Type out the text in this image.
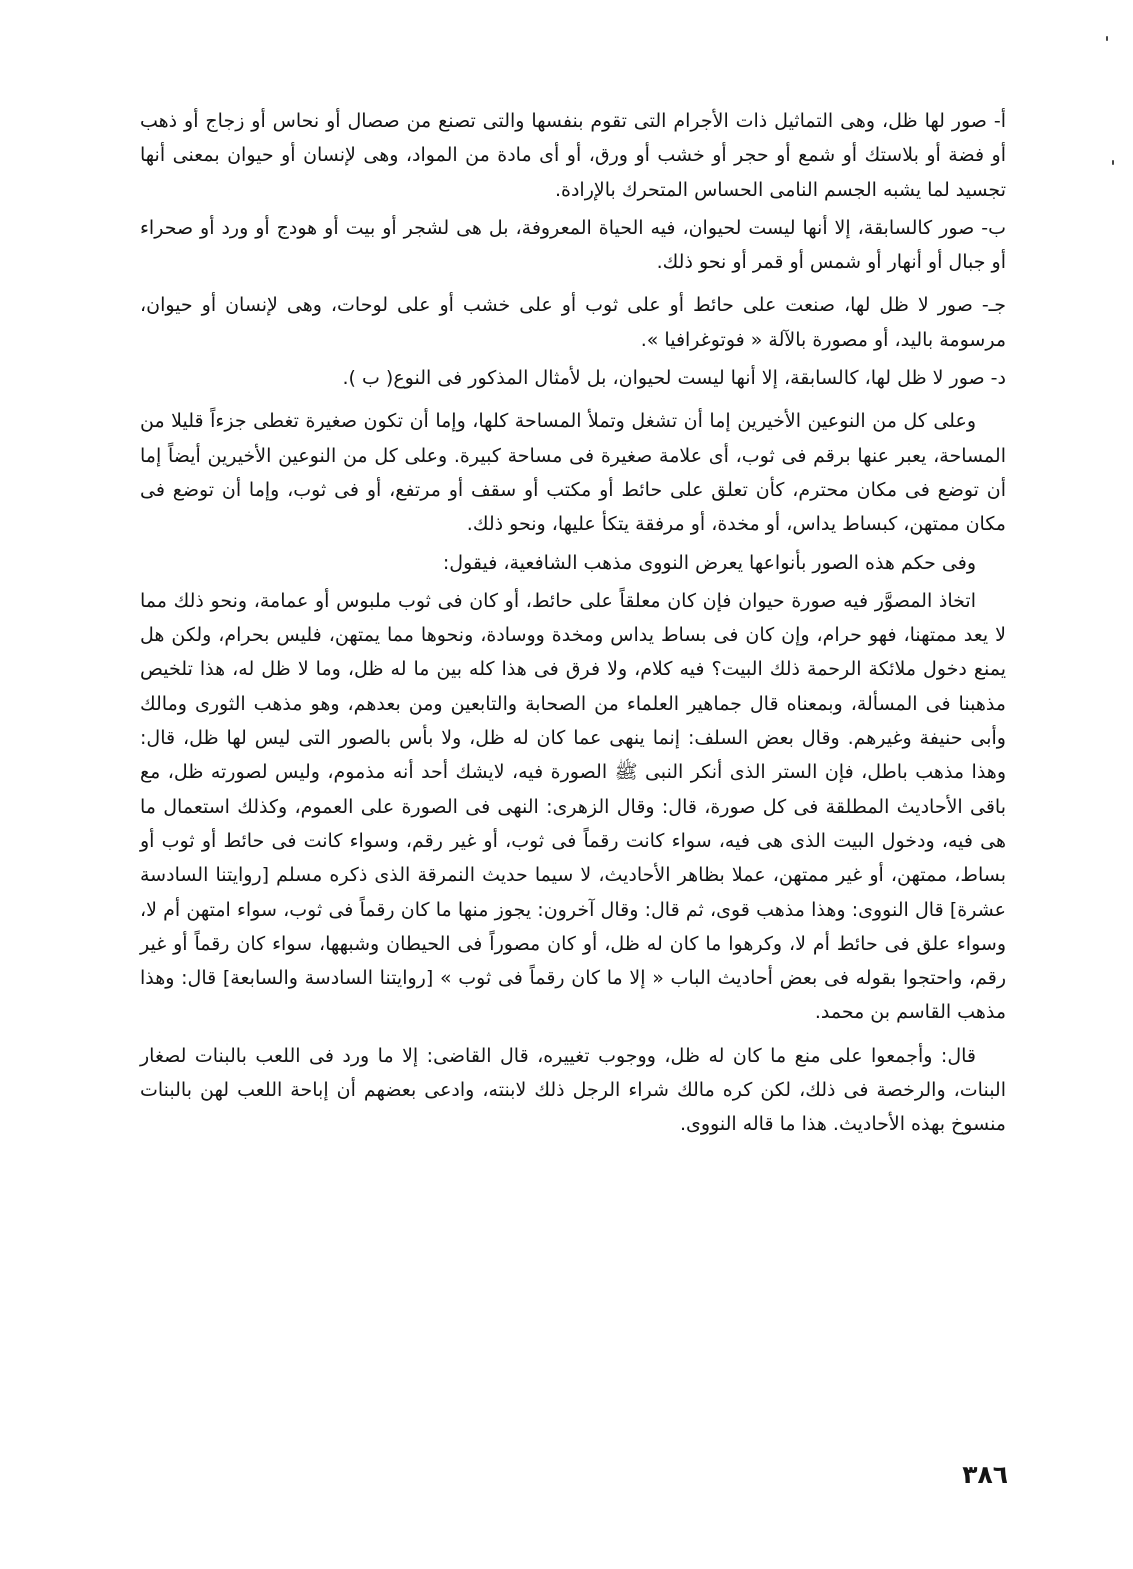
أ- صور لها ظل، وهى التماثيل ذات الأجرام التى تقوم بنفسها والتى تصنع من صصال أو نحاس أو زجاج أو ذهب أو فضة أو بلاستك أو شمع أو حجر أو خشب أو ورق، أو أى مادة من المواد، وهى لإنسان أو حيوان بمعنى أنها تجسيد لما يشبه الجسم النامى الحساس المتحرك بالإرادة.

ب- صور كالسابقة، إلا أنها ليست لحيوان، فيه الحياة المعروفة، بل هى لشجر أو بيت أو هودج أو ورد أو صحراء أو جبال أو أنهار أو شمس أو قمر أو نحو ذلك.

جـ- صور لا ظل لها، صنعت على حائط أو على ثوب أو على خشب أو على لوحات، وهى لإنسان أو حيوان، مرسومة باليد، أو مصورة بالآلة « فوتوغرافيا ».

د- صور لا ظل لها، كالسابقة، إلا أنها ليست لحيوان، بل لأمثال المذكور فى النوع( ب ).

وعلى كل من النوعين الأخيرين إما أن تشغل وتملأ المساحة كلها، وإما أن تكون صغيرة تغطى جزءاً قليلا من المساحة، يعبر عنها برقم فى ثوب، أى علامة صغيرة فى مساحة كبيرة. وعلى كل من النوعين الأخيرين أيضاً إما أن توضع فى مكان محترم، كأن تعلق على حائط أو مكتب أو سقف أو مرتفع، أو فى ثوب، وإما أن توضع فى مكان ممتهن، كبساط يداس، أو مخدة، أو مرفقة يتكأ عليها، ونحو ذلك.

وفى حكم هذه الصور بأنواعها يعرض النووى مذهب الشافعية، فيقول:

اتخاذ المصوَّر فيه صورة حيوان فإن كان معلقاً على حائط، أو كان فى ثوب ملبوس أو عمامة، ونحو ذلك مما لا يعد ممتهنا، فهو حرام، وإن كان فى بساط يداس ومخدة ووسادة، ونحوها مما يمتهن، فليس بحرام، ولكن هل يمنع دخول ملائكة الرحمة ذلك البيت؟ فيه كلام، ولا فرق فى هذا كله بين ما له ظل، وما لا ظل له، هذا تلخيص مذهبنا فى المسألة، وبمعناه قال جماهير العلماء من الصحابة والتابعين ومن بعدهم، وهو مذهب الثورى ومالك وأبى حنيفة وغيرهم. وقال بعض السلف: إنما ينهى عما كان له ظل، ولا بأس بالصور التى ليس لها ظل، قال: وهذا مذهب باطل، فإن الستر الذى أنكر النبى ﷺ الصورة فيه، لايشك أحد أنه مذموم، وليس لصورته ظل، مع باقى الأحاديث المطلقة فى كل صورة، قال: وقال الزهرى: النهى فى الصورة على العموم، وكذلك استعمال ما هى فيه، ودخول البيت الذى هى فيه، سواء كانت رقماً فى ثوب، أو غير رقم، وسواء كانت فى حائط أو ثوب أو بساط، ممتهن، أو غير ممتهن، عملا بظاهر الأحاديث، لا سيما حديث النمرقة الذى ذكره مسلم [روايتنا السادسة عشرة] قال النووى: وهذا مذهب قوى، ثم قال: وقال آخرون: يجوز منها ما كان رقماً فى ثوب، سواء امتهن أم لا، وسواء علق فى حائط أم لا، وكرهوا ما كان له ظل، أو كان مصوراً فى الحيطان وشبهها، سواء كان رقماً أو غير رقم، واحتجوا بقوله فى بعض أحاديث الباب « إلا ما كان رقماً فى ثوب » [روايتنا السادسة والسابعة] قال: وهذا مذهب القاسم بن محمد.

قال: وأجمعوا على منع ما كان له ظل، ووجوب تغييره، قال القاضى: إلا ما ورد فى اللعب بالبنات لصغار البنات، والرخصة فى ذلك، لكن كره مالك شراء الرجل ذلك لابنته، وادعى بعضهم أن إباحة اللعب لهن بالبنات منسوخ بهذه الأحاديث. هذا ما قاله النووى.

٣٨٦
